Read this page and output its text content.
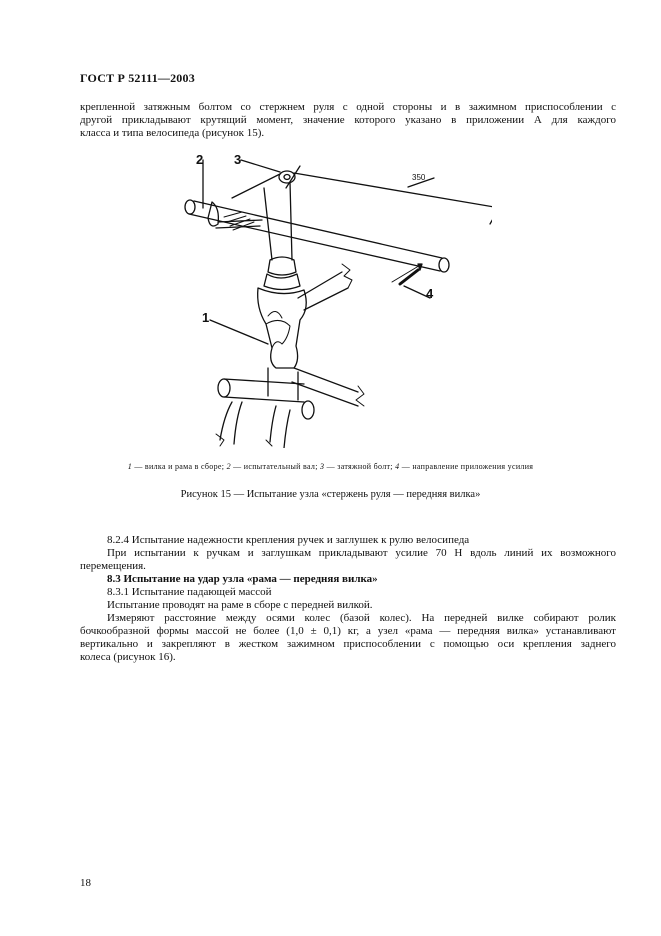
ГОСТ Р 52111—2003
крепленной затяжным болтом со стержнем руля с одной стороны и в зажимном приспособлении с
другой прикладывают крутящий момент, значение которого указано в приложении А для каждого
класса и типа велосипеда (рисунок 15).
2 3
1
4
350
1 — вилка и рама в сборе; 2 — испытательный вал; 3 — затяжной болт; 4 — направление приложения усилия
Рисунок 15 — Испытание узла «стержень руля — передняя вилка»
8.2.4 Испытание надежности крепления ручек и заглушек к рулю велосипеда
При испытании к ручкам и заглушкам прикладывают усилие 70 Н вдоль линий их возможного
перемещения.
8.3 Испытание на удар узла «рама — передняя вилка»
8.3.1 Испытание падающей массой
Испытание проводят на раме в сборе с передней вилкой.
Измеряют расстояние между осями колес (базой колес). На передней вилке собирают ролик
бочкообразной формы массой не более (1,0 ± 0,1) кг, а узел «рама — передняя вилка» устанавливают
вертикально и закрепляют в жестком зажимном приспособлении с помощью оси крепления заднего
колеса (рисунок 16).
18
